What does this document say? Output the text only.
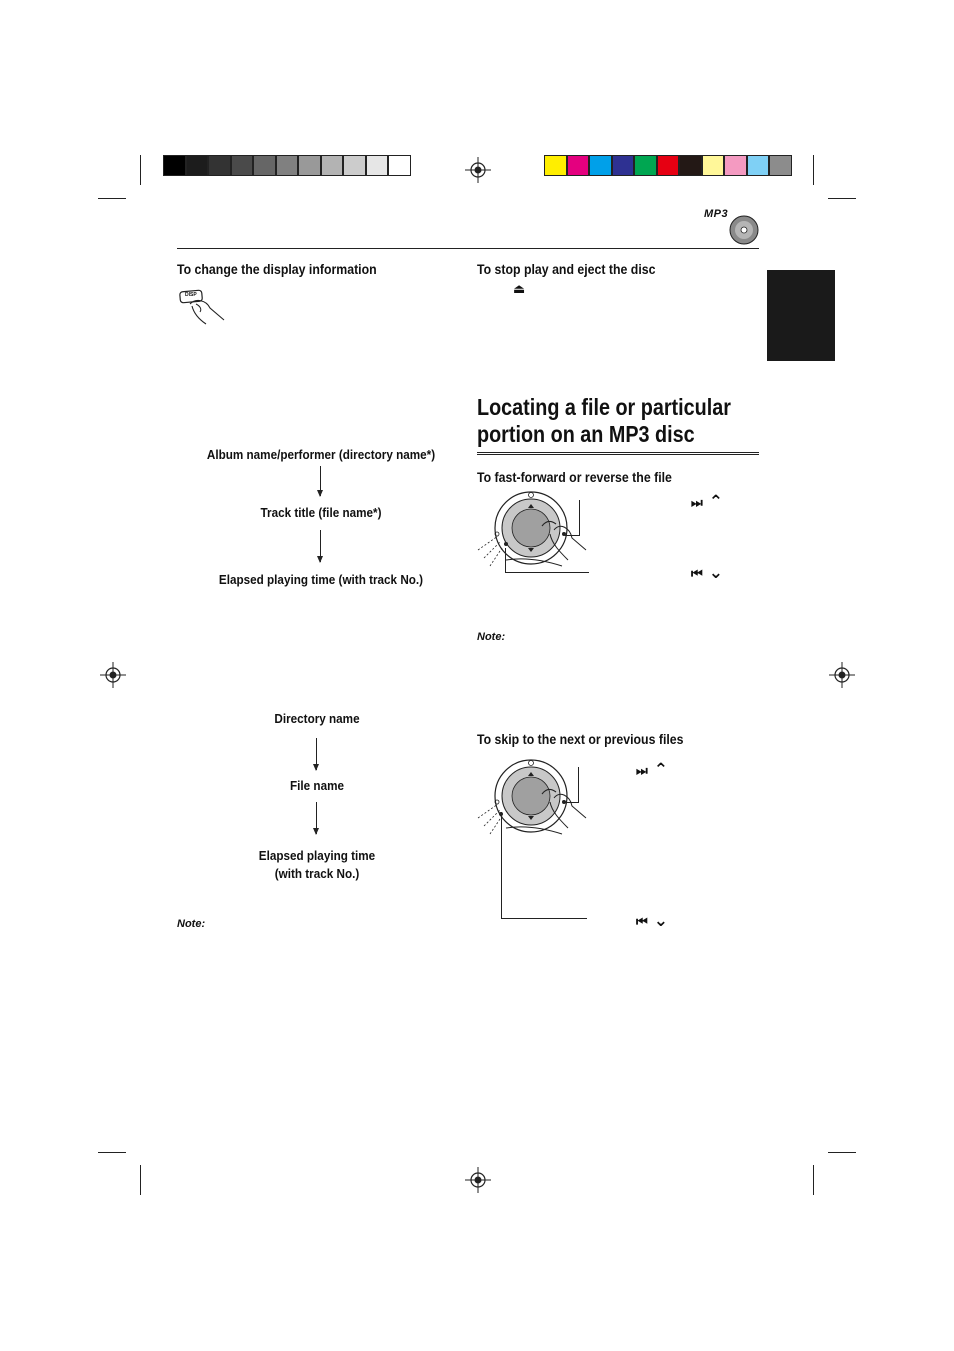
MP3
To change the display information
DISP
Album name/performer (directory name*)
Track title (file name*)
Elapsed playing time (with track No.)
Directory name
File name
Elapsed playing time
(with track No.)
Note:
To stop play and eject the disc
⏏
Locating a file or particular
portion on an MP3 disc
To fast-forward or reverse the file
⏭ ⌃
⏮ ⌄
Note:
To skip to the next or previous files
⏭ ⌃
⏮ ⌄
